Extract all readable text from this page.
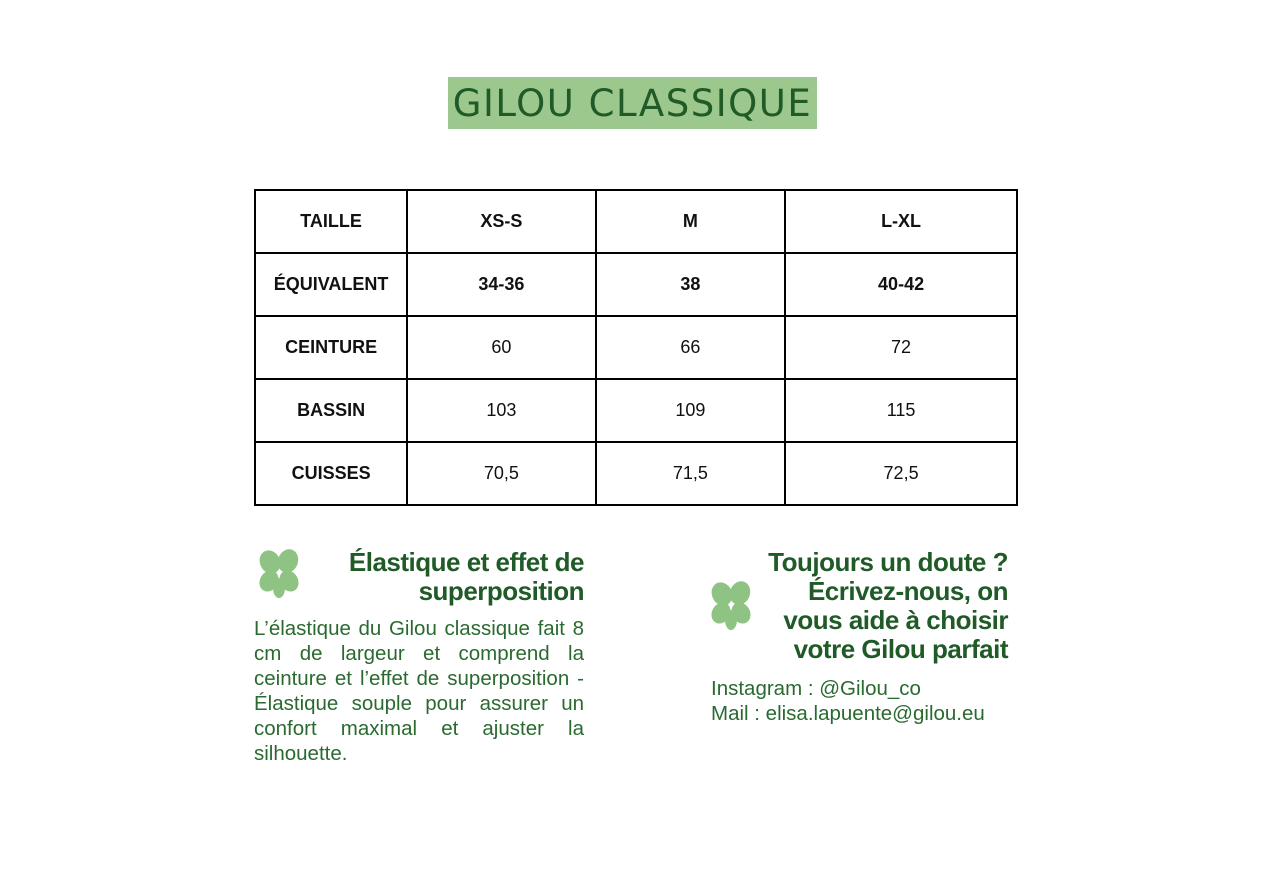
GILOU CLASSIQUE
TAILLE	XS-S	M	L-XL
ÉQUIVALENT	34-36	38	40-42
CEINTURE	60	66	72
BASSIN	103	109	115
CUISSES	70,5	71,5	72,5
Élastique et effet de
superposition
L’élastique du Gilou classique fait 8 cm de largeur et comprend la ceinture et l’effet de superposition - Élastique souple pour assurer un confort maximal et ajuster la silhouette.
Toujours un doute ?
Écrivez-nous, on
vous aide à choisir
votre Gilou parfait
Instagram : @Gilou_co
Mail : elisa.lapuente@gilou.eu
